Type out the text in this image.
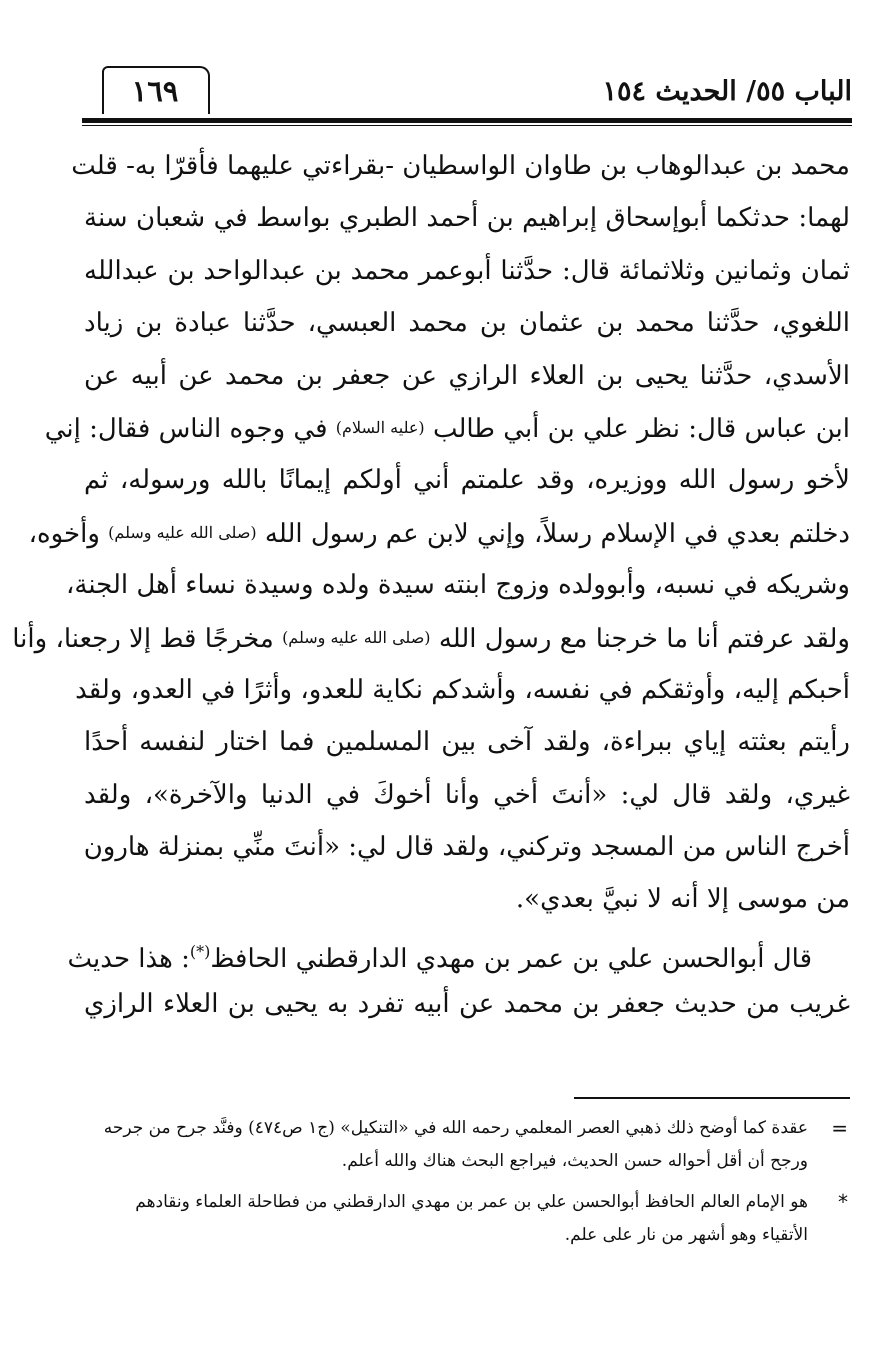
الباب ٥٥/ الحديث ١٥٤
١٦٩
محمد بن عبدالوهاب بن طاوان الواسطيان -بقراءتي عليهما فأقرّا به- قلت
لهما: حدثكما أبوإسحاق إبراهيم بن أحمد الطبري بواسط في شعبان سنة
ثمان وثمانين وثلاثمائة قال: حدَّثنا أبوعمر محمد بن عبدالواحد بن عبدالله
اللغوي، حدَّثنا محمد بن عثمان بن محمد العبسي، حدَّثنا عبادة بن زياد
الأسدي، حدَّثنا يحيى بن العلاء الرازي عن جعفر بن محمد عن أبيه عن
ابن عباس قال: نظر علي بن أبي طالب (عليه السلام) في وجوه الناس فقال: إني
لأخو رسول الله ووزيره، وقد علمتم أني أولكم إيمانًا بالله ورسوله، ثم
دخلتم بعدي في الإسلام رسلاً، وإني لابن عم رسول الله (صلى الله عليه وسلم) وأخوه،
وشريكه في نسبه، وأبوولده وزوج ابنته سيدة ولده وسيدة نساء أهل الجنة،
ولقد عرفتم أنا ما خرجنا مع رسول الله (صلى الله عليه وسلم) مخرجًا قط إلا رجعنا، وأنا
أحبكم إليه، وأوثقكم في نفسه، وأشدكم نكاية للعدو، وأثرًا في العدو، ولقد
رأيتم بعثته إياي ببراءة، ولقد آخى بين المسلمين فما اختار لنفسه أحدًا
غيري، ولقد قال لي: «أنتَ أخي وأنا أخوكَ في الدنيا والآخرة»، ولقد
أخرج الناس من المسجد وتركني، ولقد قال لي: «أنتَ منِّي بمنزلة هارون
من موسى إلا أنه لا نبيَّ بعدي».
قال أبوالحسن علي بن عمر بن مهدي الدارقطني الحافظ(*): هذا حديث
غريب من حديث جعفر بن محمد عن أبيه تفرد به يحيى بن العلاء الرازي
=
عقدة كما أوضح ذلك ذهبي العصر المعلمي رحمه الله في «التنكيل» (ج١ ص٤٧٤) وفنَّد جرح من جرحه
ورجح أن أقل أحواله حسن الحديث، فيراجع البحث هناك والله أعلم.
*
هو الإمام العالم الحافظ أبوالحسن علي بن عمر بن مهدي الدارقطني من فطاحلة العلماء ونقادهم
الأتقياء وهو أشهر من نار على علم.
